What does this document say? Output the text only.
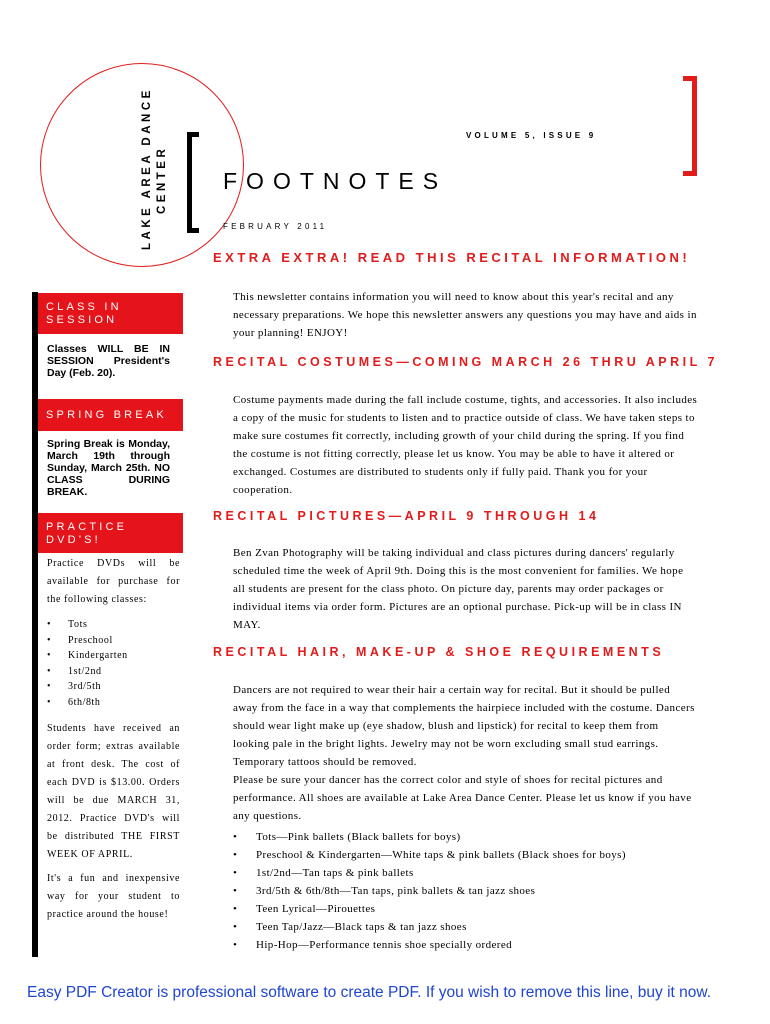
LAKE AREA DANCE CENTER
VOLUME 5, ISSUE 9
FOOTNOTES
FEBRUARY 2011
EXTRA EXTRA! READ THIS RECITAL INFORMATION!

This newsletter contains information you will need to know about this year's recital and any necessary preparations. We hope this newsletter answers any questions you may have and aids in your planning! ENJOY!

RECITAL COSTUMES—COMING MARCH 26 THRU APRIL 7

Costume payments made during the fall include costume, tights, and accessories. It also includes a copy of the music for students to listen and to practice outside of class. We have taken steps to make sure costumes fit correctly, including growth of your child during the spring. If you find the costume is not fitting correctly, please let us know. You may be able to have it altered or exchanged. Costumes are distributed to students only if fully paid. Thank you for your cooperation.

RECITAL PICTURES—APRIL 9 THROUGH 14

Ben Zvan Photography will be taking individual and class pictures during dancers' regularly scheduled time the week of April 9th. Doing this is the most convenient for families. We hope all students are present for the class photo. On picture day, parents may order packages or individual items via order form. Pictures are an optional purchase. Pick-up will be in class IN MAY.

RECITAL HAIR, MAKE-UP & SHOE REQUIREMENTS

Dancers are not required to wear their hair a certain way for recital. But it should be pulled away from the face in a way that complements the hairpiece included with the costume. Dancers should wear light make up (eye shadow, blush and lipstick) for recital to keep them from looking pale in the bright lights. Jewelry may not be worn excluding small stud earrings. Temporary tattoos should be removed.

Please be sure your dancer has the correct color and style of shoes for recital pictures and performance. All shoes are available at Lake Area Dance Center. Please let us know if you have any questions.

• Tots—Pink ballets (Black ballets for boys)
• Preschool & Kindergarten—White taps & pink ballets (Black shoes for boys)
• 1st/2nd—Tan taps & pink ballets
• 3rd/5th & 6th/8th—Tan taps, pink ballets & tan jazz shoes
• Teen Lyrical—Pirouettes
• Teen Tap/Jazz—Black taps & tan jazz shoes
• Hip-Hop—Performance tennis shoe specially ordered
CLASS IN
SESSION
Classes WILL BE IN SESSION President's Day (Feb. 20).
SPRING BREAK
Spring Break is Monday, March 19th through Sunday, March 25th. NO CLASS DURING BREAK.
PRACTICE
DVD'S!

Practice DVDs will be available for purchase for the following classes:

• Tots
• Preschool
• Kindergarten
• 1st/2nd
• 3rd/5th
• 6th/8th

Students have received an order form; extras available at front desk. The cost of each DVD is $13.00. Orders will be due MARCH 31, 2012. Practice DVD's will be distributed THE FIRST WEEK OF APRIL.

It's a fun and inexpensive way for your student to practice around the house!

Easy PDF Creator is professional software to create PDF. If you wish to remove this line, buy it now.
